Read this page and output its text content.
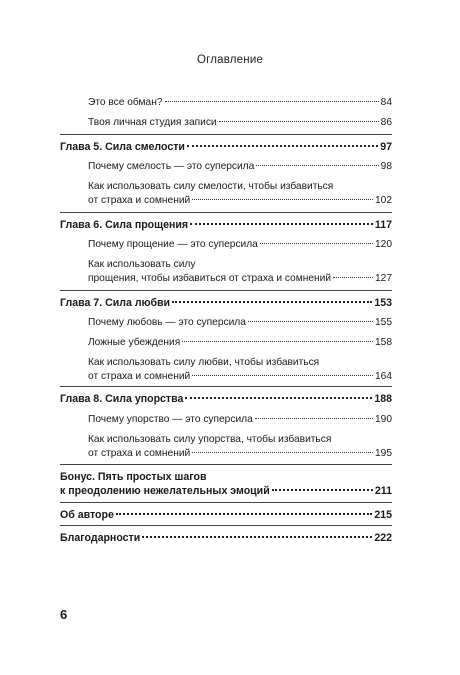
Оглавление
Это все обман?	84
Твоя личная студия записи	86
Глава 5. Сила смелости	97
Почему смелость — это суперсила	98
Как использовать силу смелости, чтобы избавиться
от страха и сомнений	102
Глава 6. Сила прощения	117
Почему прощение — это суперсила	120
Как использовать силу
прощения, чтобы избавиться от страха и сомнений	127
Глава 7. Сила любви	153
Почему любовь — это суперсила	155
Ложные убеждения	158
Как использовать силу любви, чтобы избавиться
от страха и сомнений	164
Глава 8. Сила упорства	188
Почему упорство — это суперсила	190
Как использовать силу упорства, чтобы избавиться
от страха и сомнений	195
Бонус. Пять простых шагов
к преодолению нежелательных эмоций	211
Об авторе	215
Благодарности	222
6
